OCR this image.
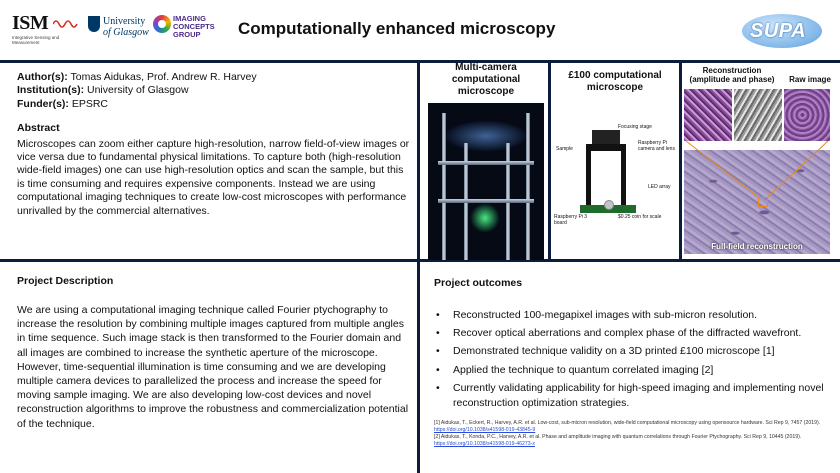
ISM
Integrative Sensing and Measurement
University
of Glasgow
IMAGING
CONCEPTS
GROUP Computationally enhanced microscopy	SUPA
Author(s): Tomas Aidukas, Prof. Andrew R. Harvey
Institution(s): University of Glasgow
Funder(s): EPSRC
Abstract
Microscopes can zoom either capture high-resolution, narrow field-of-view images or vice versa due to fundamental physical limitations. To capture both (high-resolution wide-field images) one can use high-resolution optics and scan the sample, but this is time consuming and requires expensive components. Instead we are using computational imaging techniques to create low-cost microscopes with performance unrivalled by the commercial alternatives.
Multi-camera computational microscope
£100 computational microscope
Focusing stage
Sample
Raspberry Pi camera and lens
LED array
Raspberry Pi 3 board
$0.25 coin for scale
Reconstruction (amplitude and phase)	Raw image
Full-field reconstruction
Project Description
We are using a computational imaging technique called Fourier ptychography to increase the resolution by combining multiple images captured from multiple angles in time sequence. Such image stack is then transformed to the Fourier domain and all images are combined to increase the synthetic aperture of the microscope. However, time-sequential illumination is time consuming and we are developing multiple camera devices to parallelized the process and increase the speed for moving sample imaging. We are also developing low-cost devices and novel reconstruction algorithms to improve the robustness and commercialization potential of the technique.
Project outcomes
• Reconstructed 100-megapixel images with sub-micron resolution.
• Recover optical aberrations and complex phase of the diffracted wavefront.
• Demonstrated technique validity on a 3D printed £100 microscope [1]
• Applied the technique to quantum correlated imaging [2]
• Currently validating applicability for high-speed imaging and implementing novel reconstruction optimization strategies.
[1] Aidukas, T., Eckert, R., Harvey, A.R. et al. Low-cost, sub-micron resolution, wide-field computational microscopy using opensource hardware. Sci Rep 9, 7457 (2019). https://doi.org/10.1038/s41598-019-43845-9
[2] Aidukas, T., Konda, P.C., Harvey, A.R. et al. Phase and amplitude imaging with quantum correlations through Fourier Ptychography. Sci Rep 9, 10445 (2019). https://doi.org/10.1038/s41598-019-46273-x
